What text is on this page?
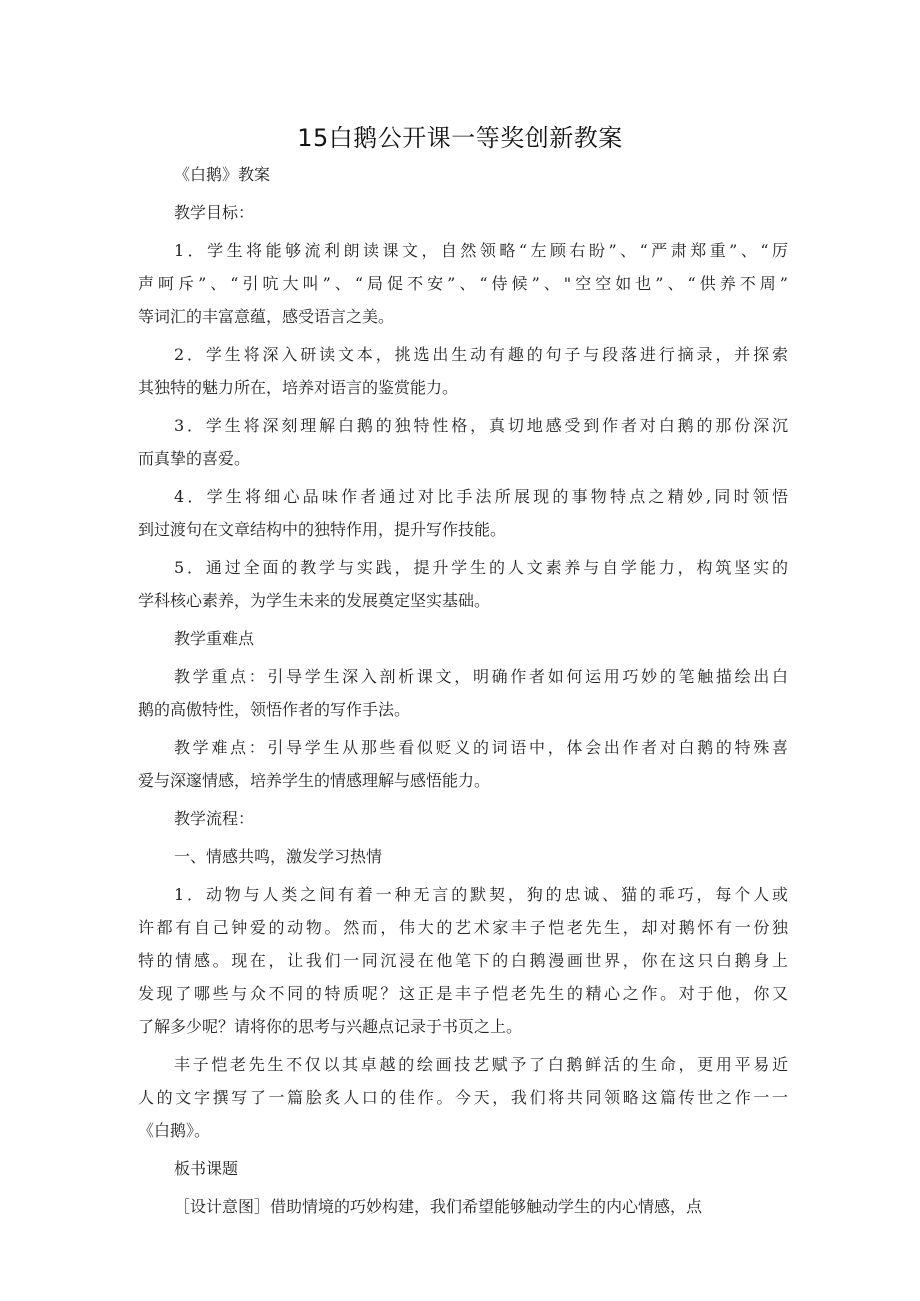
15白鹅公开课一等奖创新教案
《白鹅》教案
教学目标：
1．学生将能够流利朗读课文，自然领略“左顾右盼”、“严肃郑重”、“厉
声呵斥”、“引吭大叫”、“局促不安”、“侍候”、"空空如也”、“供养不周”
等词汇的丰富意蕴，感受语言之美。
2．学生将深入研读文本，挑选出生动有趣的句子与段落进行摘录，并探索
其独特的魅力所在，培养对语言的鉴赏能力。
3．学生将深刻理解白鹅的独特性格，真切地感受到作者对白鹅的那份深沉
而真挚的喜爱。
4．学生将细心品味作者通过对比手法所展现的事物特点之精妙,同时领悟
到过渡句在文章结构中的独特作用，提升写作技能。
5．通过全面的教学与实践，提升学生的人文素养与自学能力，构筑坚实的
学科核心素养，为学生未来的发展奠定坚实基础。
教学重难点
教学重点：引导学生深入剖析课文，明确作者如何运用巧妙的笔触描绘出白
鹅的高傲特性，领悟作者的写作手法。
教学难点：引导学生从那些看似贬义的词语中，体会出作者对白鹅的特殊喜
爱与深邃情感，培养学生的情感理解与感悟能力。
教学流程：
一、情感共鸣，激发学习热情
1．动物与人类之间有着一种无言的默契，狗的忠诚、猫的乖巧，每个人或
许都有自己钟爱的动物。然而，伟大的艺术家丰子恺老先生，却对鹅怀有一份独
特的情感。现在，让我们一同沉浸在他笔下的白鹅漫画世界，你在这只白鹅身上
发现了哪些与众不同的特质呢？这正是丰子恺老先生的精心之作。对于他，你又
了解多少呢？请将你的思考与兴趣点记录于书页之上。
丰子恺老先生不仅以其卓越的绘画技艺赋予了白鹅鲜活的生命，更用平易近
人的文字撰写了一篇脍炙人口的佳作。今天，我们将共同领略这篇传世之作一一
《白鹅》。
板书课题
［设计意图］借助情境的巧妙构建，我们希望能够触动学生的内心情感，点
